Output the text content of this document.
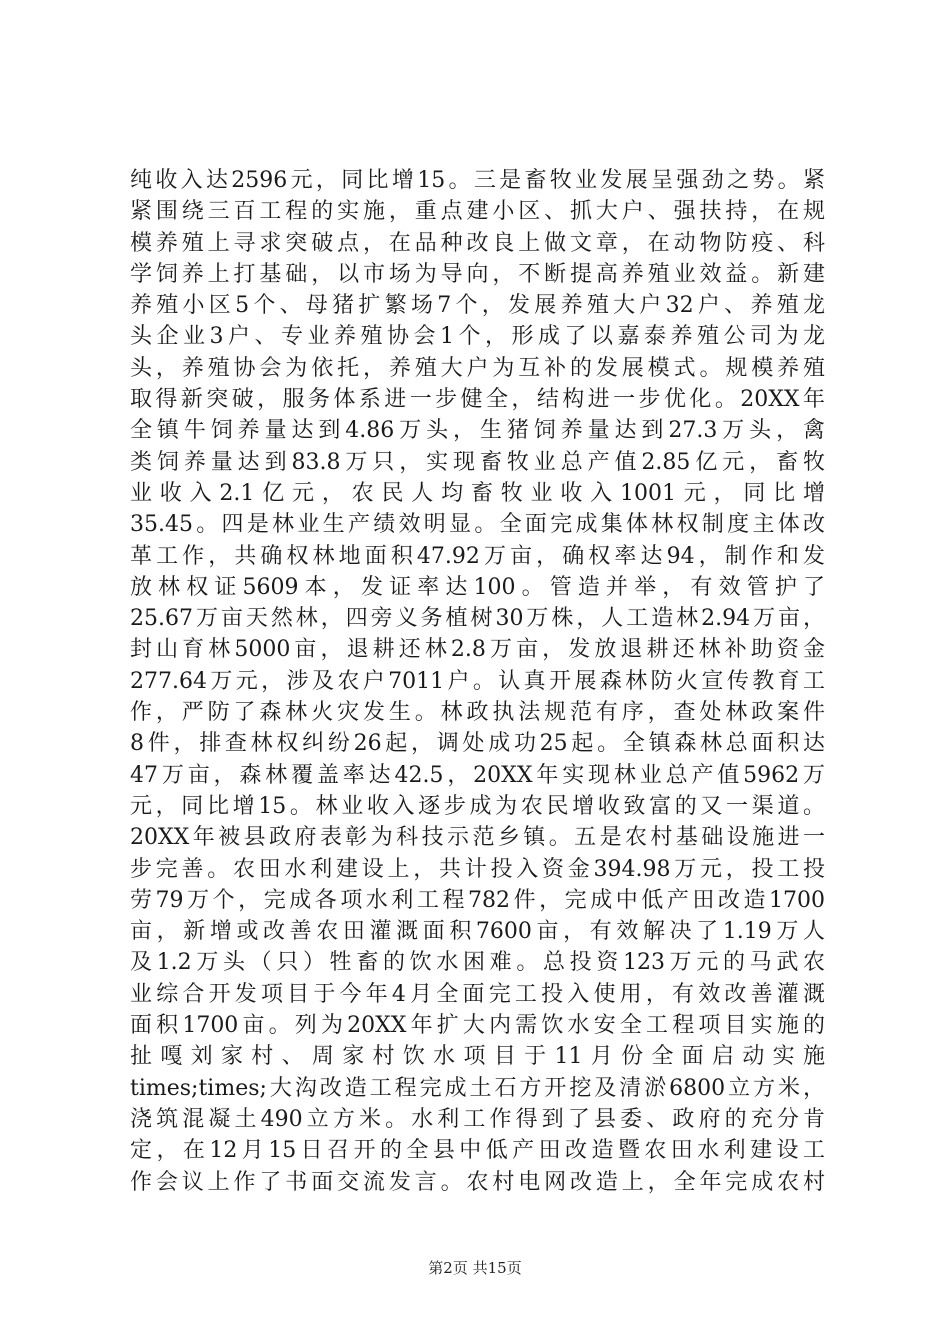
纯收入达2596元，同比增15。三是畜牧业发展呈强劲之势。紧
紧围绕三百工程的实施，重点建小区、抓大户、强扶持，在规
模养殖上寻求突破点，在品种改良上做文章，在动物防疫、科
学饲养上打基础，以市场为导向，不断提高养殖业效益。新建
养殖小区5个、母猪扩繁场7个，发展养殖大户32户、养殖龙
头企业3户、专业养殖协会1个，形成了以嘉泰养殖公司为龙
头，养殖协会为依托，养殖大户为互补的发展模式。规模养殖
取得新突破，服务体系进一步健全，结构进一步优化。20XX年
全镇牛饲养量达到4.86万头，生猪饲养量达到27.3万头，禽
类饲养量达到83.8万只，实现畜牧业总产值2.85亿元，畜牧
业收入2.1亿元，农民人均畜牧业收入1001元，同比增
35.45。四是林业生产绩效明显。全面完成集体林权制度主体改
革工作，共确权林地面积47.92万亩，确权率达94，制作和发
放林权证5609本，发证率达100。管造并举，有效管护了
25.67万亩天然林，四旁义务植树30万株，人工造林2.94万亩，
封山育林5000亩，退耕还林2.8万亩，发放退耕还林补助资金
277.64万元，涉及农户7011户。认真开展森林防火宣传教育工
作，严防了森林火灾发生。林政执法规范有序，查处林政案件
8件，排查林权纠纷26起，调处成功25起。全镇森林总面积达
47万亩，森林覆盖率达42.5，20XX年实现林业总产值5962万
元，同比增15。林业收入逐步成为农民增收致富的又一渠道。
20XX年被县政府表彰为科技示范乡镇。五是农村基础设施进一
步完善。农田水利建设上，共计投入资金394.98万元，投工投
劳79万个，完成各项水利工程782件，完成中低产田改造1700
亩，新增或改善农田灌溉面积7600亩，有效解决了1.19万人
及1.2万头（只）牲畜的饮水困难。总投资123万元的马武农
业综合开发项目于今年4月全面完工投入使用，有效改善灌溉
面积1700亩。列为20XX年扩大内需饮水安全工程项目实施的
扯嘎刘家村、周家村饮水项目于11月份全面启动实施
times;times;大沟改造工程完成土石方开挖及清淤6800立方米，
浇筑混凝土490立方米。水利工作得到了县委、政府的充分肯
定，在12月15日召开的全县中低产田改造暨农田水利建设工
作会议上作了书面交流发言。农村电网改造上，全年完成农村
第2页 共15页
